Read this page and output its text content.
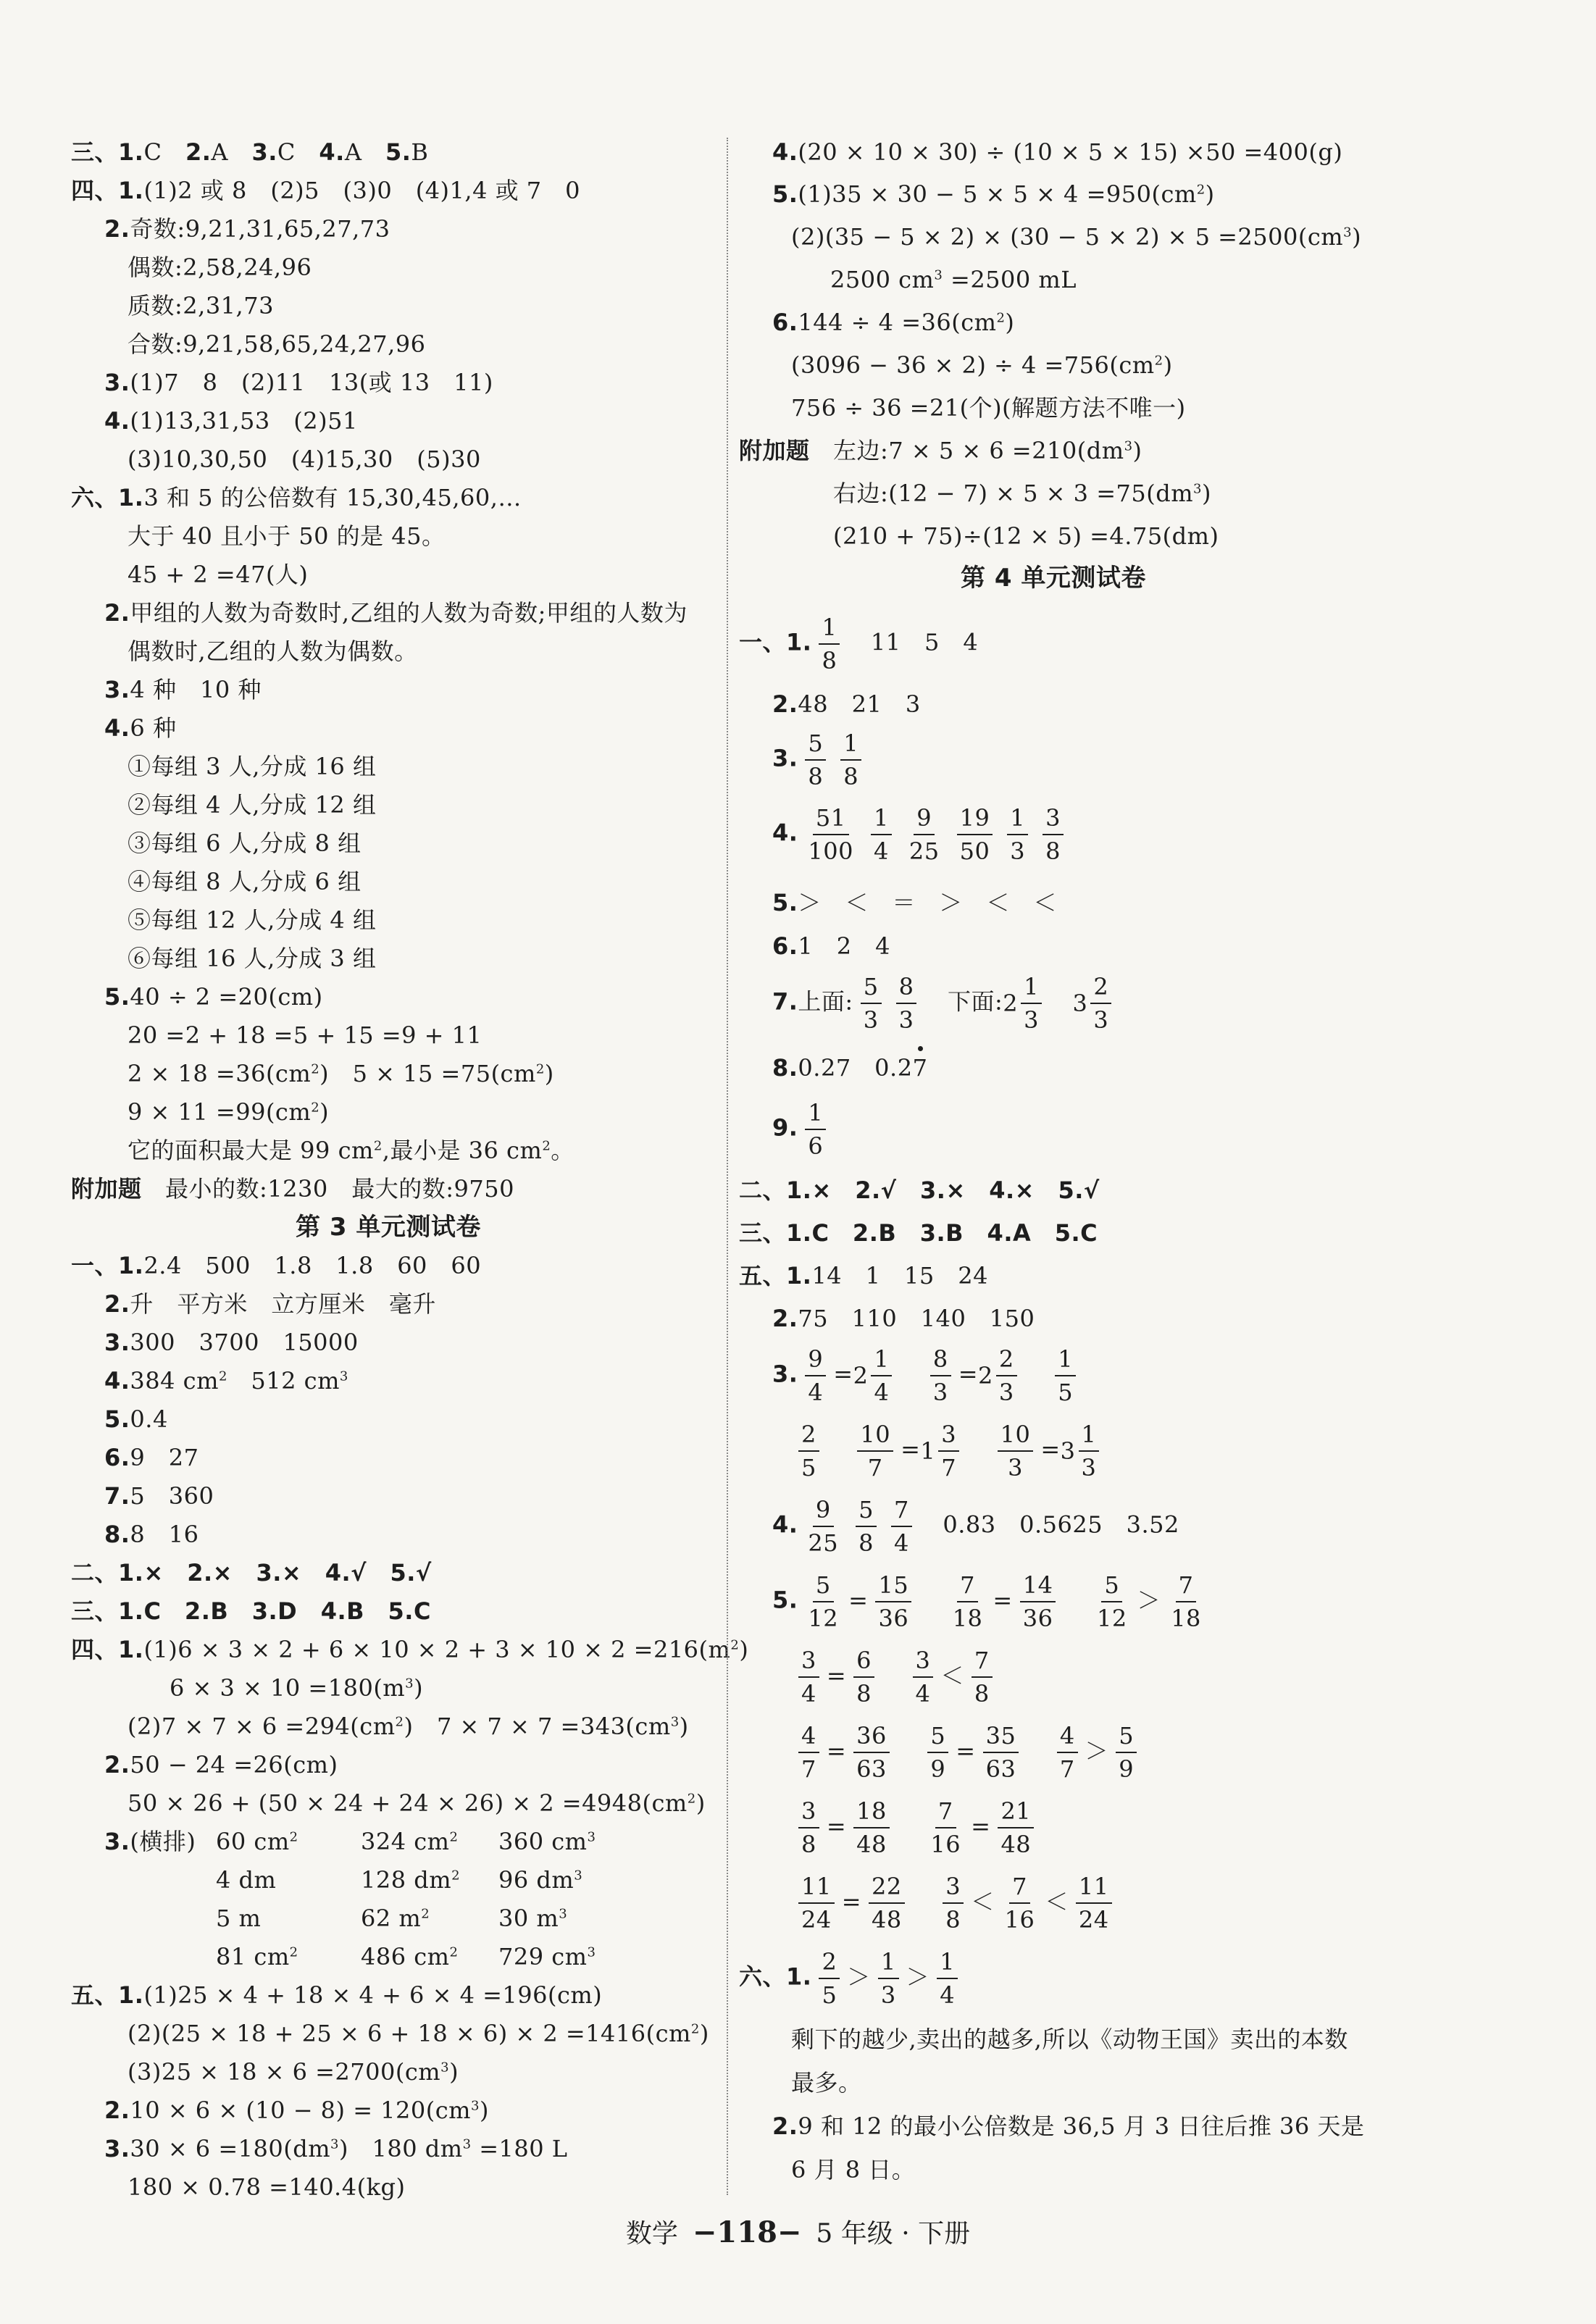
三、1.C　 2.A　 3.C　 4.A　 5.B
四、1.(1)2 或 8　(2)5　(3)0　(4)1,4 或 7　0
2.奇数:9,21,31,65,27,73
偶数:2,58,24,96
质数:2,31,73
合数:9,21,58,65,24,27,96
3.(1)7　8　(2)11　13(或 13　11)
4.(1)13,31,53　(2)51
(3)10,30,50　(4)15,30　(5)30
六、1.3 和 5 的公倍数有 15,30,45,60,…
大于 40 且小于 50 的是 45。
45 + 2 =47(人)
2.甲组的人数为奇数时,乙组的人数为奇数;甲组的人数为
偶数时,乙组的人数为偶数。
3.4 种　10 种
4.6 种
①每组 3 人,分成 16 组
②每组 4 人,分成 12 组
③每组 6 人,分成 8 组
④每组 8 人,分成 6 组
⑤每组 12 人,分成 4 组
⑥每组 16 人,分成 3 组
5.40 ÷ 2 =20(cm)
20 =2 + 18 =5 + 15 =9 + 11
$2 \times 18 =36(cm^2)$　$5 \times 15 =75(cm^2)$
$9 \times 11 =99(cm^2)$
它的面积最大是 99 $cm^2$,最小是 36 $cm^2$。
附加题　最小的数:1230　最大的数:9750
第 3 单元测试卷
一、1.2.4　500　1.8　1.8　60　60
2.升　平方米　立方厘米　毫升
3.300　3700　15000
4.384 $cm^2$　512 $cm^3$
5.0.4
6.9　27
7.5　360
8.8　16
二、1.×　2.×　3.×　4.√　5.√
三、1.C　2.B　3.D　4.B　5.C
四、$1.(1)6 \times 3 \times 2 + 6 \times 10 \times 2 + 3 \times 10 \times 2 =216(m^2)$
$6 \times 3 \times 10 =180(m^3)$
$(2)7 \times 7 \times 6 =294(cm^2)$　$7 \times 7 \times 7 =343(cm^3)$
2.50 − 24 =26(cm)
$50 \times 26 + (50 \times 24 + 24 \times 26) \times 2 =4948(cm^2)$
3.(横排) 60 $cm^2$	324 $cm^2$ 360 $cm^3$
4 dm	128 $dm^2$ 96 $dm^3$
5 m	62 $m^2$	30 $m^3$
81 $cm^2$	486 $cm^2$ 729 $cm^3$
五、1.(1)25 × 4 + 18 × 4 + 6 × 4 =196(cm)
$(2)(25 \times 18 + 25 \times 6 + 18 \times 6) \times 2 =1416(cm^2)$
$(3)25 \times 18 \times 6 =2700(cm^3)$
$2.10 \times 6 \times (10 - 8) = 120(cm^3)$
$3.30 \times 6 =180(dm^3)$　180 $dm^3 =180$ L
180 × 0.78 =140.4(kg)
4.(20 × 10 × 30) ÷ (10 × 5 × 15) ×50 =400(g)
$5.(1)35 \times 30 - 5 \times 5 \times 4 =950(cm^2)$
$(2)(35 - 5 \times 2) \times (30 - 5 \times 2) \times 5 =2500(cm^3)$
2500 $cm^3 =2500$ mL
$6.144 \div 4 =36(cm^2)$
$(3096 - 36 \times 2) \div 4 =756(cm^2)$
756 ÷ 36 =21(个)(解题方法不唯一)
附加题　 左边:7 × $5 \times 6 =210(dm^3)$
右边:(12 − $7) \times 5 \times 3 =75(dm^3)$
(210 + 75)÷(12 × 5) =4.75(dm)
第 4 单元测试卷
一、1. $\frac{1}{8}$
　 11　5　4
2.48　21　3
3. $\frac{5}{8} \frac{1}{8}$
4. $\frac{51}{100} \frac{1}{4} \frac{9}{25} \frac{19}{50} \frac{1}{3} \frac{3}{8}$
5.＞　＜　＝　＞　＜　＜
6.1　2　4
7.上面: $\frac{5}{3} \frac{8}{3}$
　 下面: 2
1
3

3
2
3
8.0.27　0.27
9. $\frac{1}{6}$
二、1.×　2.√　3.×　4.×　5.√
三、1.C　2.B　3.B　4.A　5.C
五、1.14　1　15　24
2.75　110　140　150
3. $\frac{9}{4} = 2$
1
4
　 $\frac{8}{3} = 2$
2
3
　 $\frac{1}{5}$
$\frac{2}{5}$
　 $\frac{10}{7} = 1$
3
7
　 $\frac{10}{3} = 3$
1
3
4. $\frac{9}{25} \frac{5}{8} \frac{7}{4}$
　 0.83　0.5625　3.52
5. $\frac{5}{12} = \frac{15}{36}$
　 $\frac{7}{18} = \frac{14}{36}$
　 $\frac{5}{12} > \frac{7}{18}$
$\frac{3}{4} = \frac{6}{8}$
　 $\frac{3}{4} < \frac{7}{8}$
$\frac{4}{7} = \frac{36}{63}$
　 $\frac{5}{9} = \frac{35}{63}$
　 $\frac{4}{7} > \frac{5}{9}$
$\frac{3}{8} = \frac{18}{48}$
　 $\frac{7}{16} = \frac{21}{48}$
$\frac{11}{24} = \frac{22}{48}$
　 $\frac{3}{8} < \frac{7}{16} < \frac{11}{24}$
六、1. $\frac{2}{5} > \frac{1}{3} > \frac{1}{4}$
剩下的越少,卖出的越多,所以《动物王国》卖出的本数
最多。
2.9 和 12 的最小公倍数是 36,5 月 3 日往后推 36 天是
6 月 8 日。
数学 −118− 5 年级 · 下册
